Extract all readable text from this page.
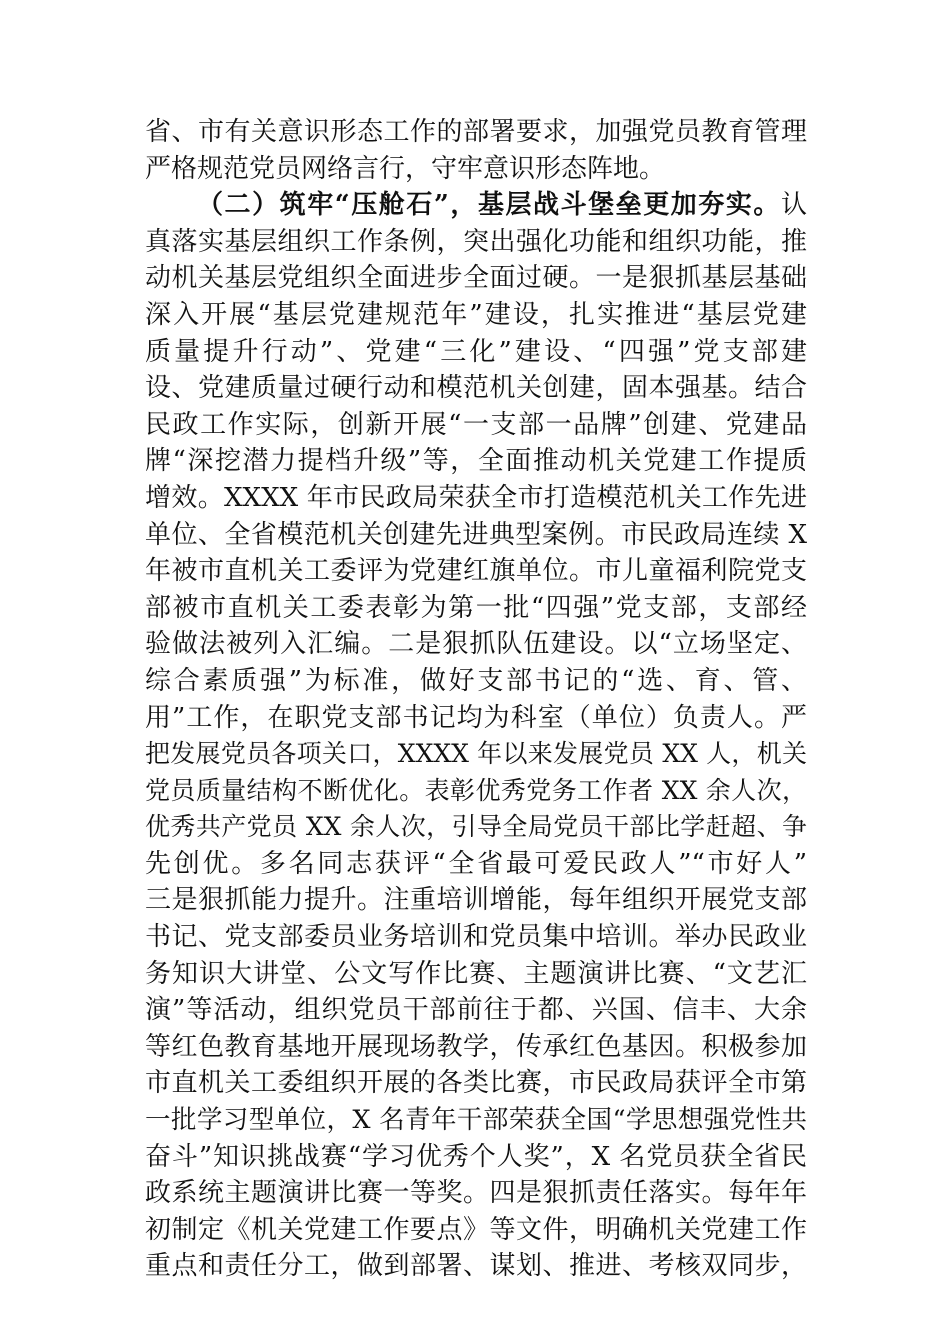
省、市有关意识形态工作的部署要求，加强党员教育管理
严格规范党员网络言行，守牢意识形态阵地。
（二）筑牢“压舱石”，基层战斗堡垒更加夯实。认
真落实基层组织工作条例，突出强化功能和组织功能，推
动机关基层党组织全面进步全面过硬。一是狠抓基层基础
深入开展“基层党建规范年”建设，扎实推进“基层党建
质量提升行动”、党建“三化”建设、“四强”党支部建
设、党建质量过硬行动和模范机关创建，固本强基。结合
民政工作实际，创新开展“一支部一品牌”创建、党建品
牌“深挖潜力提档升级”等，全面推动机关党建工作提质
增效。XXXX 年市民政局荣获全市打造模范机关工作先进
单位、全省模范机关创建先进典型案例。市民政局连续 X
年被市直机关工委评为党建红旗单位。市儿童福利院党支
部被市直机关工委表彰为第一批“四强”党支部，支部经
验做法被列入汇编。二是狠抓队伍建设。以“立场坚定、
综合素质强”为标准，做好支部书记的“选、育、管、
用”工作，在职党支部书记均为科室（单位）负责人。严
把发展党员各项关口，XXXX 年以来发展党员 XX 人，机关
党员质量结构不断优化。表彰优秀党务工作者 XX 余人次，
优秀共产党员 XX 余人次，引导全局党员干部比学赶超、争
先创优。多名同志获评“全省最可爱民政人”“市好人”
三是狠抓能力提升。注重培训增能，每年组织开展党支部
书记、党支部委员业务培训和党员集中培训。举办民政业
务知识大讲堂、公文写作比赛、主题演讲比赛、“文艺汇
演”等活动，组织党员干部前往于都、兴国、信丰、大余
等红色教育基地开展现场教学，传承红色基因。积极参加
市直机关工委组织开展的各类比赛，市民政局获评全市第
一批学习型单位，X 名青年干部荣获全国“学思想强党性共
奋斗”知识挑战赛“学习优秀个人奖”，X 名党员获全省民
政系统主题演讲比赛一等奖。四是狠抓责任落实。每年年
初制定《机关党建工作要点》等文件，明确机关党建工作
重点和责任分工，做到部署、谋划、推进、考核双同步，
